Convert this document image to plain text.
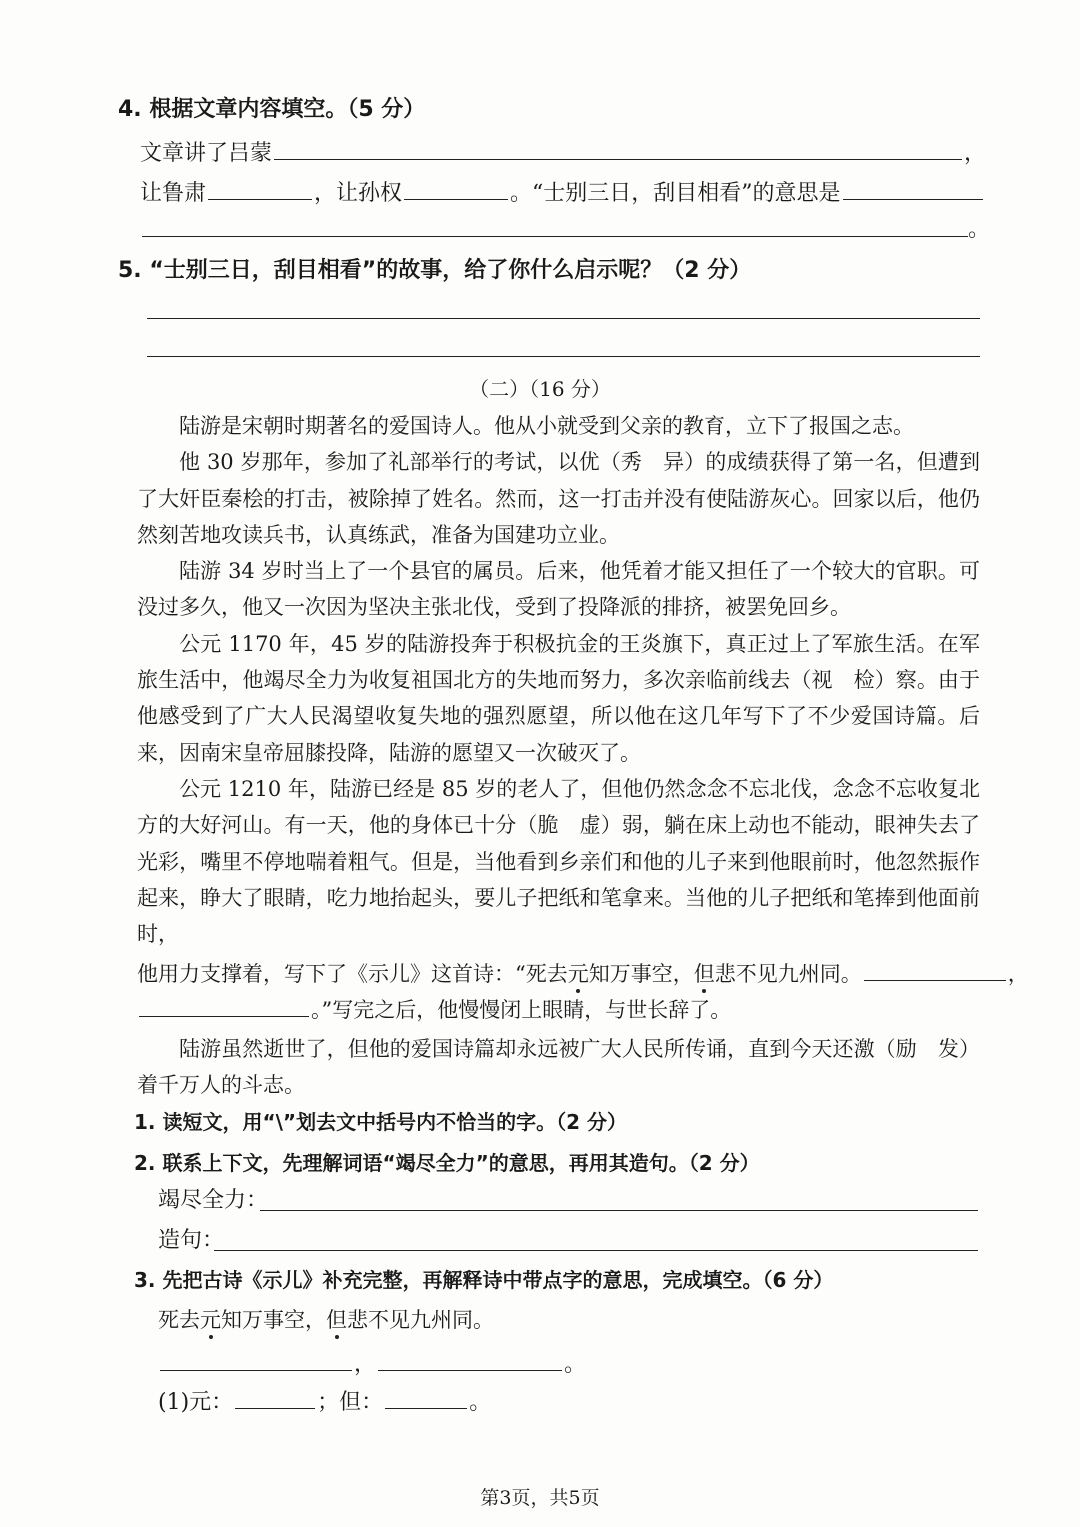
4. 根据文章内容填空。（5 分）
文章讲了吕蒙	，
让鲁肃	，让孙权	。“士别三日，刮目相看”的意思是
。
5. “士别三日，刮目相看”的故事，给了你什么启示呢？（2 分）
（二）（16 分）

陆游是宋朝时期著名的爱国诗人。他从小就受到父亲的教育，立下了报国之志。

他 30 岁那年，参加了礼部举行的考试，以优（秀　异）的成绩获得了第一名，但遭到了大奸臣秦桧的打击，被除掉了姓名。然而，这一打击并没有使陆游灰心。回家以后，他仍然刻苦地攻读兵书，认真练武，准备为国建功立业。

陆游 34 岁时当上了一个县官的属员。后来，他凭着才能又担任了一个较大的官职。可没过多久，他又一次因为坚决主张北伐，受到了投降派的排挤，被罢免回乡。

公元 1170 年，45 岁的陆游投奔于积极抗金的王炎旗下，真正过上了军旅生活。在军旅生活中，他竭尽全力为收复祖国北方的失地而努力，多次亲临前线去（视　检）察。由于他感受到了广大人民渴望收复失地的强烈愿望，所以他在这几年写下了不少爱国诗篇。后来，因南宋皇帝屈膝投降，陆游的愿望又一次破灭了。

公元 1210 年，陆游已经是 85 岁的老人了，但他仍然念念不忘北伐，念念不忘收复北方的大好河山。有一天，他的身体已十分（脆　虚）弱，躺在床上动也不能动，眼神失去了光彩，嘴里不停地喘着粗气。但是，当他看到乡亲们和他的儿子来到他眼前时，他忽然振作起来，睁大了眼睛，吃力地抬起头，要儿子把纸和笔拿来。当他的儿子把纸和笔捧到他面前时，

他用力支撑着，写下了《示儿》这首诗：“死去元知万事空，但悲不见九州同。	，
。”写完之后，他慢慢闭上眼睛，与世长辞了。

陆游虽然逝世了，但他的爱国诗篇却永远被广大人民所传诵，直到今天还激（励　发）着千万人的斗志。

1. 读短文，用“\”划去文中括号内不恰当的字。（2 分）
2. 联系上下文，先理解词语“竭尽全力”的意思，再用其造句。（2 分）
竭尽全力：
造句：
3. 先把古诗《示儿》补充完整，再解释诗中带点字的意思，完成填空。（6 分）
死去元知万事空，但悲不见九州同。
，	。
(1)元：	；但：	。
第3页，共5页
